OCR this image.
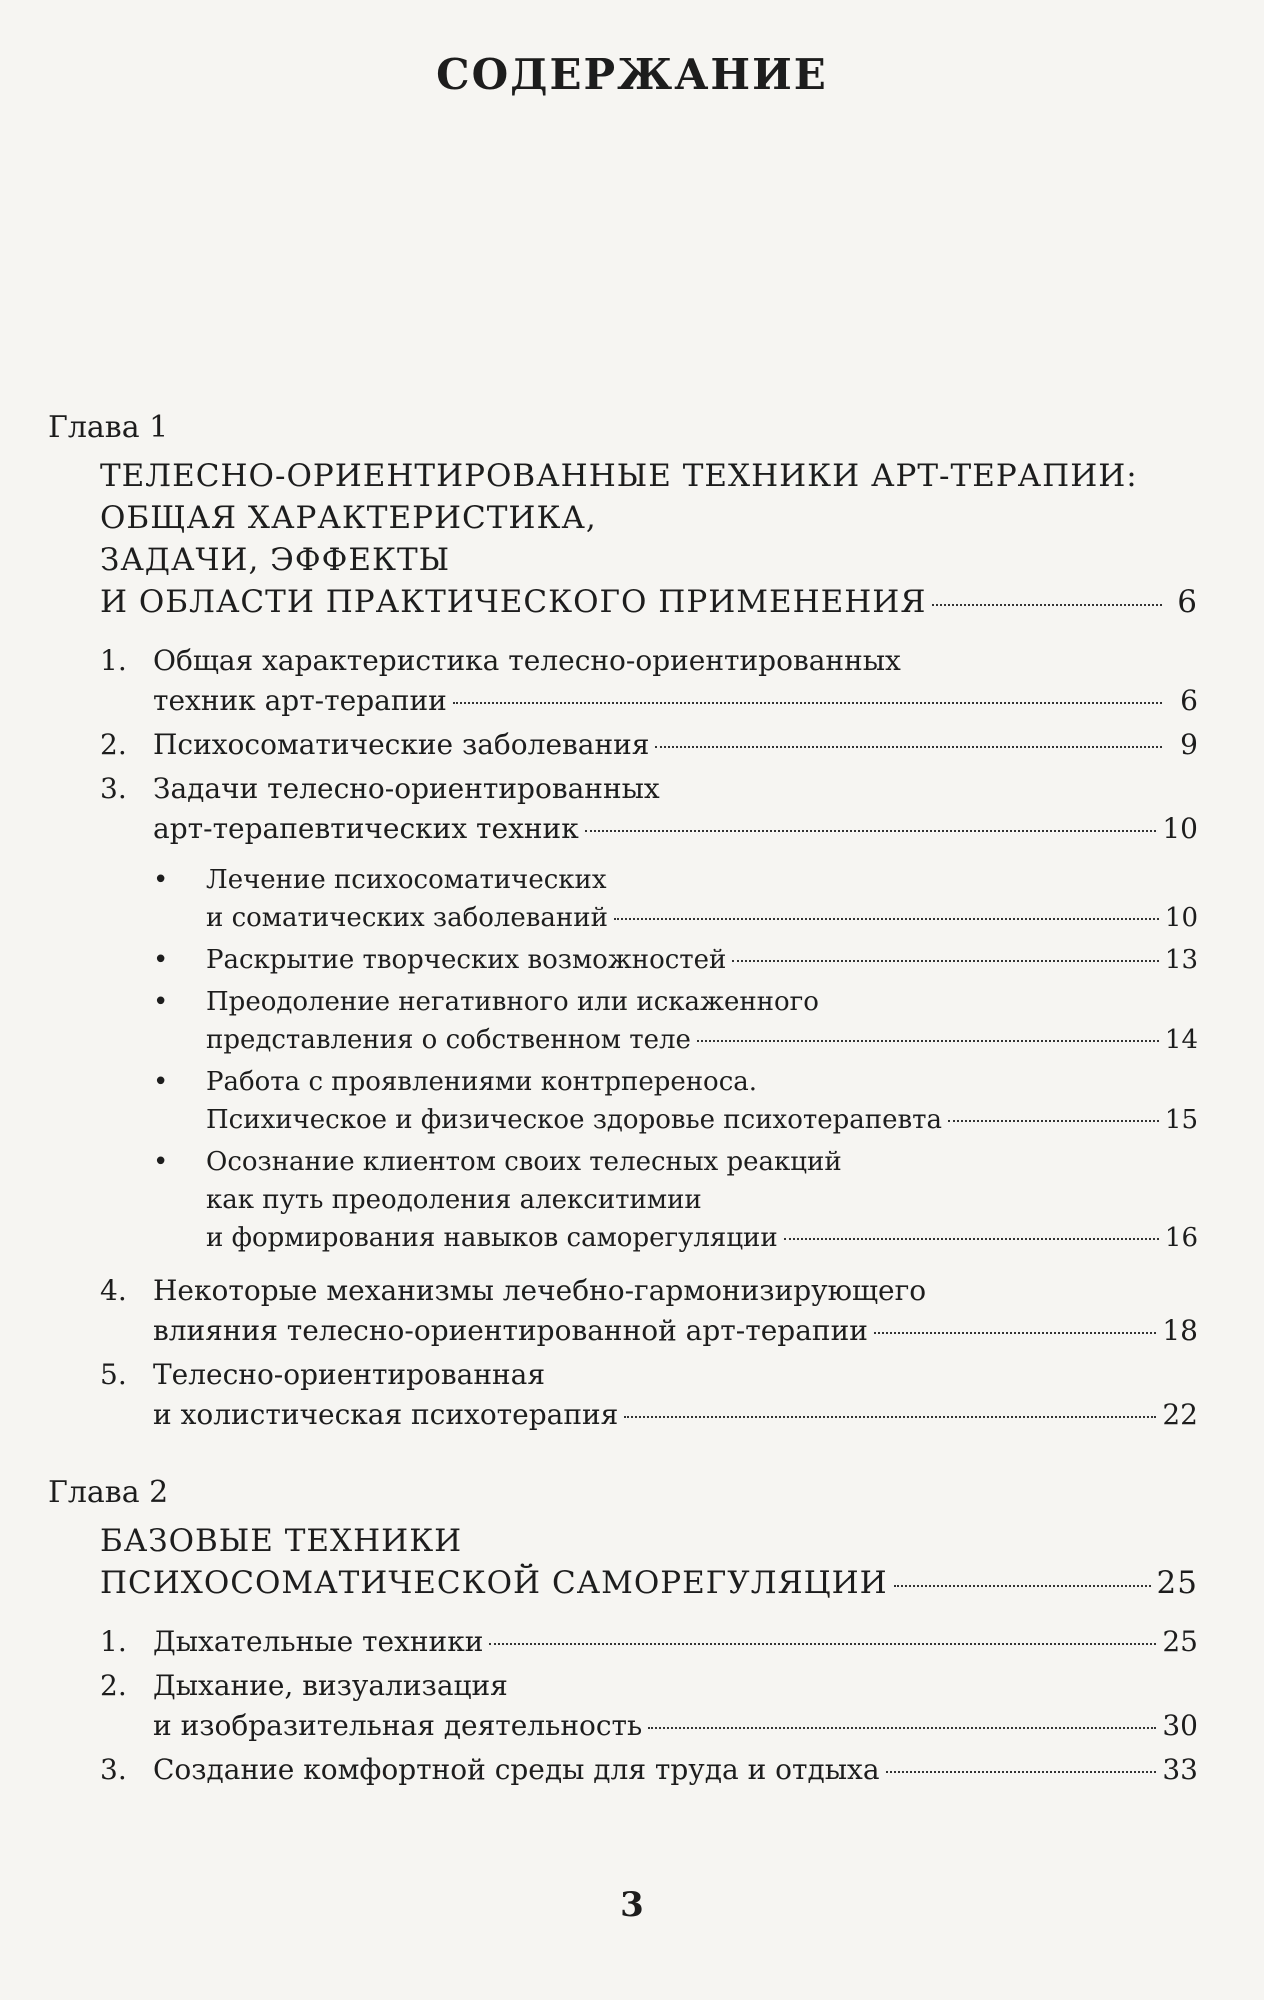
СОДЕРЖАНИЕ
Глава 1
ТЕЛЕСНО-ОРИЕНТИРОВАННЫЕ ТЕХНИКИ АРТ-ТЕРАПИИ:
ОБЩАЯ ХАРАКТЕРИСТИКА,
ЗАДАЧИ, ЭФФЕКТЫ
И ОБЛАСТИ ПРАКТИЧЕСКОГО ПРИМЕНЕНИЯ	6
1. Общая характеристика телесно-ориентированных
техник арт-терапии	6
2. Психосоматические заболевания	9
3. Задачи телесно-ориентированных
арт-терапевтических техник	10
• Лечение психосоматических
и соматических заболеваний	10
• Раскрытие творческих возможностей	13
• Преодоление негативного или искаженного
представления о собственном теле	14
• Работа с проявлениями контрпереноса.
Психическое и физическое здоровье психотерапевта	15
• Осознание клиентом своих телесных реакций
как путь преодоления алекситимии
и формирования навыков саморегуляции	16
4. Некоторые механизмы лечебно-гармонизирующего
влияния телесно-ориентированной арт-терапии	18
5. Телесно-ориентированная
и холистическая психотерапия	22
Глава 2
БАЗОВЫЕ ТЕХНИКИ
ПСИХОСОМАТИЧЕСКОЙ САМОРЕГУЛЯЦИИ	25
1. Дыхательные техники	25
2. Дыхание, визуализация
и изобразительная деятельность	30
3. Создание комфортной среды для труда и отдыха	33
3
